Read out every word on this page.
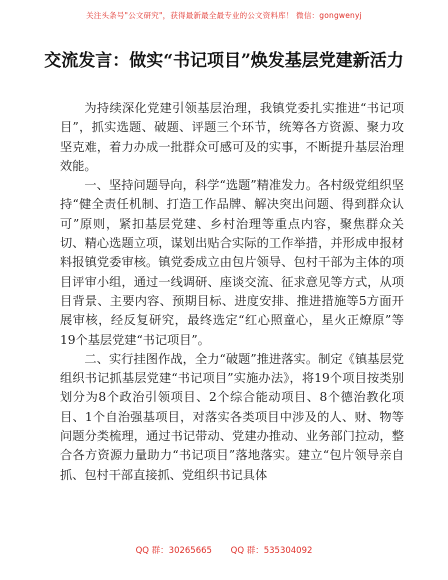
关注头条号"公文研究"，获得最新最全最专业的公文资料库！ 微信：gongwenyj
交流发言：做实“书记项目”焕发基层党建新活力

为持续深化党建引领基层治理，我镇党委扎实推进“书记项目”，抓实选题、破题、评题三个环节，统筹各方资源、聚力攻坚克难，着力办成一批群众可感可及的实事，不断提升基层治理效能。

一、坚持问题导向，科学“选题”精准发力。各村级党组织坚持“健全责任机制、打造工作品牌、解决突出问题、得到群众认可”原则，紧扣基层党建、乡村治理等重点内容，聚焦群众关切、精心选题立项，谋划出贴合实际的工作举措，并形成申报材料报镇党委审核。镇党委成立由包片领导、包村干部为主体的项目评审小组，通过一线调研、座谈交流、征求意见等方式，从项目背景、主要内容、预期目标、进度安排、推进措施等5方面开展审核，经反复研究，最终选定“红心照童心，星火正燎原”等19个基层党建“书记项目”。

二、实行挂图作战，全力“破题”推进落实。制定《镇基层党组织书记抓基层党建“书记项目”实施办法》，将19个项目按类别划分为8个政治引领项目、2个综合能动项目、8个德治教化项目、1个自治强基项目，对落实各类项目中涉及的人、财、物等问题分类梳理，通过书记带动、党建办推动、业务部门拉动，整合各方资源力量助力“书记项目”落地落实。建立“包片领导亲自抓、包村干部直接抓、党组织书记具体

QQ 群：30265665 QQ 群：535304092
